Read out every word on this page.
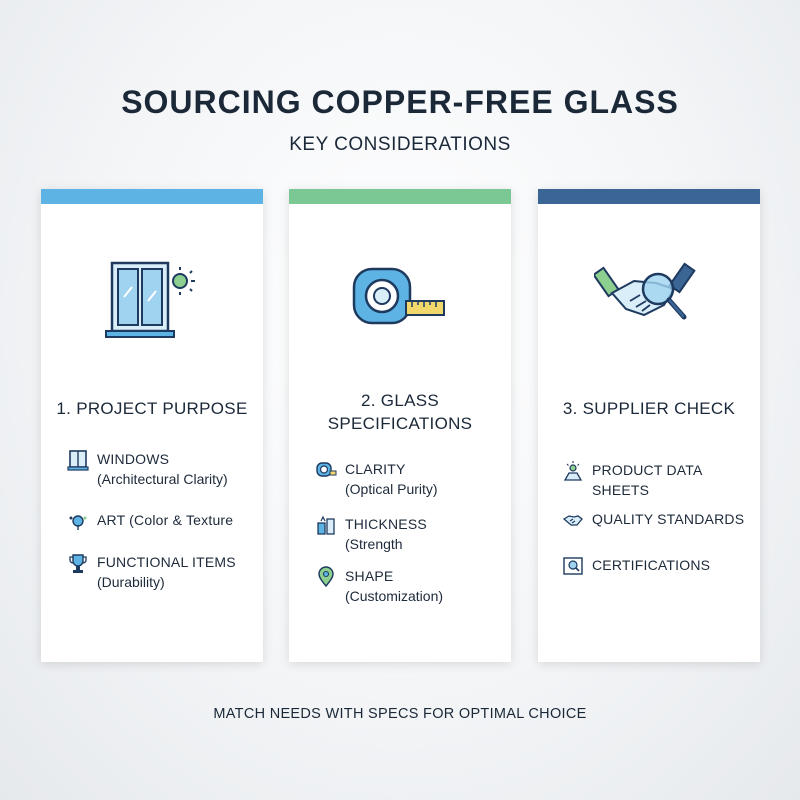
SOURCING COPPER-FREE GLASS
KEY CONSIDERATIONS
1. PROJECT PURPOSE
WINDOWS
(Architectural Clarity)
ART (Color & Texture
FUNCTIONAL ITEMS
(Durability)
2. GLASS
SPECIFICATIONS
CLARITY
(Optical Purity)
THICKNESS
(Strength
SHAPE
(Customization)
3. SUPPLIER CHECK
PRODUCT DATA SHEETS
QUALITY STANDARDS
CERTIFICATIONS
MATCH NEEDS WITH SPECS FOR OPTIMAL CHOICE
